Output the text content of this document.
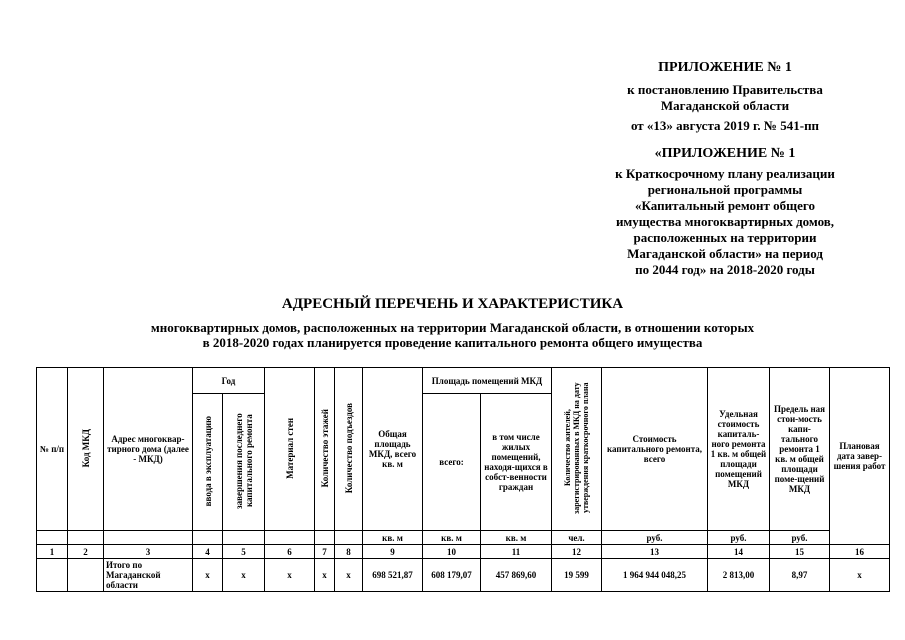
ПРИЛОЖЕНИЕ № 1
к постановлению Правительства
Магаданской области
от «13» августа 2019 г. № 541-пп
«ПРИЛОЖЕНИЕ № 1
к Краткосрочному плану реализации
региональной программы
«Капитальный ремонт общего
имущества многоквартирных домов,
расположенных на территории
Магаданской области» на период
по 2044 год» на 2018-2020 годы
АДРЕСНЫЙ ПЕРЕЧЕНЬ И ХАРАКТЕРИСТИКА
многоквартирных домов, расположенных на территории Магаданской области, в отношении которых
в 2018-2020 годах планируется проведение капитального ремонта общего имущества
№ п/п	Код МКД	Адрес многоквар-тирного дома (далее - МКД)	Год		Материал стен	Количество этажей	Количество подъездов	Общая площадь МКД, всего кв. м	Площадь помещений МКД		Количество жителей, зарегистрированных в МКД на дату утверждения краткосрочного плана	Стоимость капитального ремонта, всего	Удельная стоимость капиталь-ного ремонта 1 кв. м общей площади помещений МКД	Предель ная стои-мость капи-тального ремонта 1 кв. м общей площади поме-щений МКД	Плановая дата завер-шения работ
			ввода в эксплуатацию	завершения последнего капитального ремонта					всего:	в том числе жилых помещений, находя-щихся в собст-венности граждан					
								кв. м	кв. м	кв. м	чел.	руб.	руб.	руб.	
1	2	3	4	5	6	7	8	9	10	11	12	13	14	15	16
		Итого по Магаданской области	x	x	x	x	x	698 521,87	608 179,07	457 869,60	19 599	1 964 944 048,25	2 813,00	8,97	x
